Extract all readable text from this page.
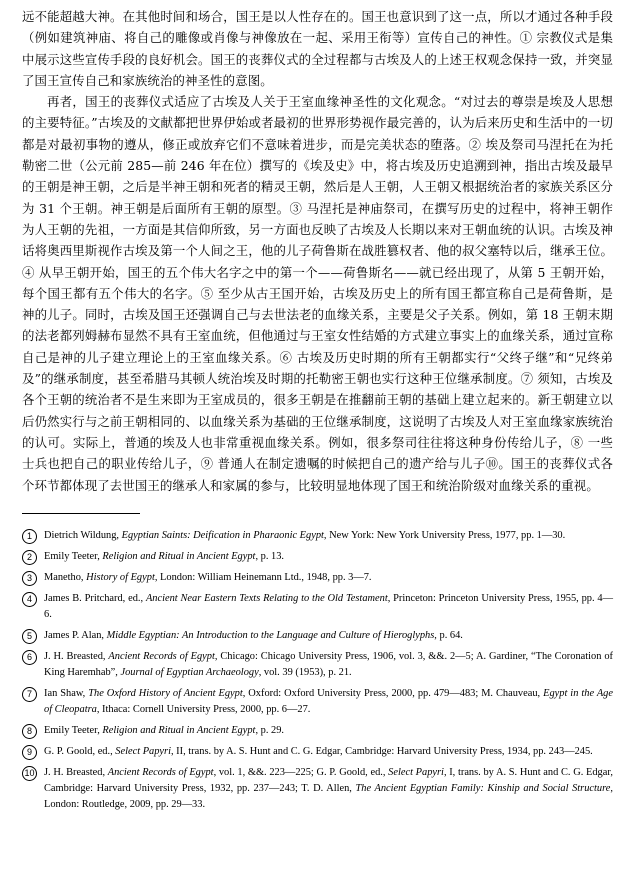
远不能超越大神。在其他时间和场合，国王是以人性存在的。国王也意识到了这一点，所以才通过各种手段（例如建筑神庙、将自己的雕像或肖像与神像放在一起、采用王衔等）宣传自己的神性。① 宗教仪式是集中展示这些宣传手段的良好机会。国王的丧葬仪式的全过程都与古埃及人的上述王权观念保持一致，并突显了国王宣传自己和家族统治的神圣性的意图。

再者，国王的丧葬仪式适应了古埃及人关于王室血缘神圣性的文化观念。“对过去的尊崇是埃及人思想的主要特征。”古埃及的文献都把世界伊始或者最初的世界形势视作最完善的，认为后来历史和生活中的一切都是对最初事物的遵从，修正或放弃它们不意味着进步，而是完美状态的堕落。② 埃及祭司马涅托在为托勒密二世（公元前 285—前 246 年在位）撰写的《埃及史》中，将古埃及历史追溯到神，指出古埃及最早的王朝是神王朝，之后是半神王朝和死者的精灵王朝，然后是人王朝，人王朝又根据统治者的家族关系区分为 31 个王朝。神王朝是后面所有王朝的原型。③ 马涅托是神庙祭司，在撰写历史的过程中，将神王朝作为人王朝的先祖，一方面是其信仰所致，另一方面也反映了古埃及人长期以来对王朝血统的认识。古埃及神话将奥西里斯视作古埃及第一个人间之王，他的儿子荷鲁斯在战胜篡权者、他的叔父塞特以后，继承王位。④ 从早王朝开始，国王的五个伟大名字之中的第一个——荷鲁斯名——就已经出现了，从第 5 王朝开始，每个国王都有五个伟大的名字。⑤ 至少从古王国开始，古埃及历史上的所有国王都宣称自己是荷鲁斯，是神的儿子。同时，古埃及国王还强调自己与去世法老的血缘关系，主要是父子关系。例如，第 18 王朝末期的法老都列姆赫布显然不具有王室血统，但他通过与王室女性结婚的方式建立事实上的血缘关系，通过宣称自己是神的儿子建立理论上的王室血缘关系。⑥ 古埃及历史时期的所有王朝都实行“父终子继”和“兄终弟及”的继承制度，甚至希腊马其顿人统治埃及时期的托勒密王朝也实行这种王位继承制度。⑦ 须知，古埃及各个王朝的统治者不是生来即为王室成员的，很多王朝是在推翻前王朝的基础上建立起来的。新王朝建立以后仍然实行与之前王朝相同的、以血缘关系为基础的王位继承制度，这说明了古埃及人对王室血缘家族统治的认可。实际上，普通的埃及人也非常重视血缘关系。例如，很多祭司往往将这种身份传给儿子，⑧ 一些士兵也把自己的职业传给儿子，⑨ 普通人在制定遗嘱的时候把自己的遗产给与儿子⑩。国王的丧葬仪式各个环节都体现了去世国王的继承人和家属的参与，比较明显地体现了国王和统治阶级对血缘关系的重视。

1	Dietrich Wildung, Egyptian Saints: Deification in Pharaonic Egypt, New York: New York University Press, 1977, pp. 1—30.
2	Emily Teeter, Religion and Ritual in Ancient Egypt, p. 13.
3	Manetho, History of Egypt, London: William Heinemann Ltd., 1948, pp. 3—7.
4	James B. Pritchard, ed., Ancient Near Eastern Texts Relating to the Old Testament, Princeton: Princeton University Press, 1955, pp. 4—6.
5	James P. Alan, Middle Egyptian: An Introduction to the Language and Culture of Hieroglyphs, p. 64.
6	J. H. Breasted, Ancient Records of Egypt, Chicago: Chicago University Press, 1906, vol. 3, &&. 2—5; A. Gardiner, “The Coronation of King Haremhab”, Journal of Egyptian Archaeology, vol. 39 (1953), p. 21.
7	Ian Shaw, The Oxford History of Ancient Egypt, Oxford: Oxford University Press, 2000, pp. 479—483; M. Chauveau, Egypt in the Age of Cleopatra, Ithaca: Cornell University Press, 2000, pp. 6—27.
8	Emily Teeter, Religion and Ritual in Ancient Egypt, p. 29.
9	G. P. Goold, ed., Select Papyri, II, trans. by A. S. Hunt and C. G. Edgar, Cambridge: Harvard University Press, 1934, pp. 243—245.
10 J. H. Breasted, Ancient Records of Egypt, vol. 1, &&. 223—225; G. P. Goold, ed., Select Papyri, I, trans. by A. S. Hunt and C. G. Edgar, Cambridge: Harvard University Press, 1932, pp. 237—243; T. D. Allen, The Ancient Egyptian Family: Kinship and Social Structure, London: Routledge, 2009, pp. 29—33.
